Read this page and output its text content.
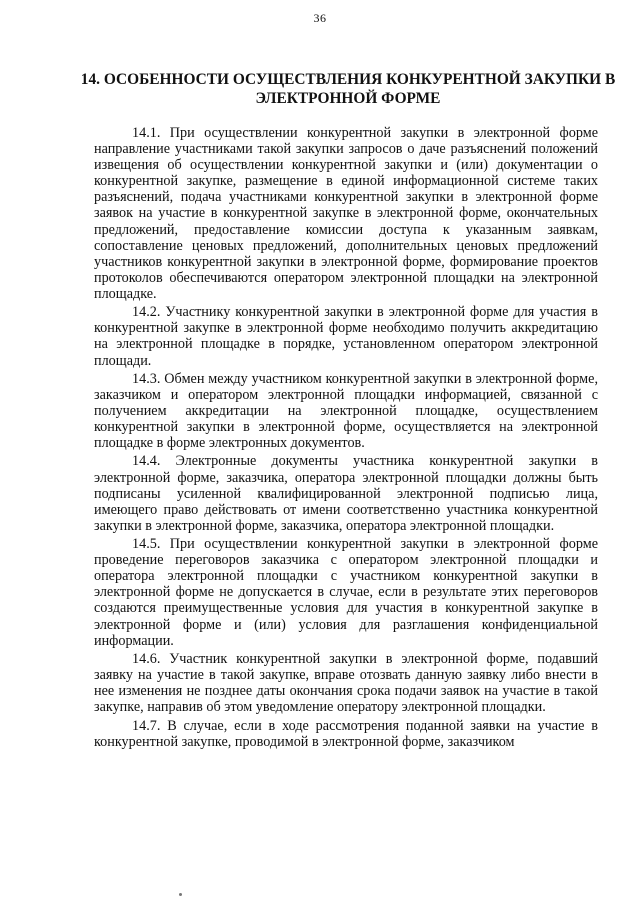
36
14. ОСОБЕННОСТИ ОСУЩЕСТВЛЕНИЯ КОНКУРЕНТНОЙ ЗАКУПКИ В ЭЛЕКТРОННОЙ ФОРМЕ

14.1. При осуществлении конкурентной закупки в электронной форме направление участниками такой закупки запросов о даче разъяснений положений извещения об осуществлении конкурентной закупки и (или) документации о конкурентной закупке, размещение в единой информационной системе таких разъяснений, подача участниками конкурентной закупки в электронной форме заявок на участие в конкурентной закупке в электронной форме, окончательных предложений, предоставление комиссии доступа к указанным заявкам, сопоставление ценовых предложений, дополнительных ценовых предложений участников конкурентной закупки в электронной форме, формирование проектов протоколов обеспечиваются оператором электронной площадки на электронной площадке.

14.2. Участнику конкурентной закупки в электронной форме для участия в конкурентной закупке в электронной форме необходимо получить аккредитацию на электронной площадке в порядке, установленном оператором электронной площади.

14.3. Обмен между участником конкурентной закупки в электронной форме, заказчиком и оператором электронной площадки информацией, связанной с получением аккредитации на электронной площадке, осуществлением конкурентной закупки в электронной форме, осуществляется на электронной площадке в форме электронных документов.

14.4. Электронные документы участника конкурентной закупки в электронной форме, заказчика, оператора электронной площадки должны быть подписаны усиленной квалифицированной электронной подписью лица, имеющего право действовать от имени соответственно участника конкурентной закупки в электронной форме, заказчика, оператора электронной площадки.

14.5. При осуществлении конкурентной закупки в электронной форме проведение переговоров заказчика с оператором электронной площадки и оператора электронной площадки с участником конкурентной закупки в электронной форме не допускается в случае, если в результате этих переговоров создаются преимущественные условия для участия в конкурентной закупке в электронной форме и (или) условия для разглашения конфиденциальной информации.

14.6. Участник конкурентной закупки в электронной форме, подавший заявку на участие в такой закупке, вправе отозвать данную заявку либо внести в нее изменения не позднее даты окончания срока подачи заявок на участие в такой закупке, направив об этом уведомление оператору электронной площадки.

14.7. В случае, если в ходе рассмотрения поданной заявки на участие в конкурентной закупке, проводимой в электронной форме, заказчиком
